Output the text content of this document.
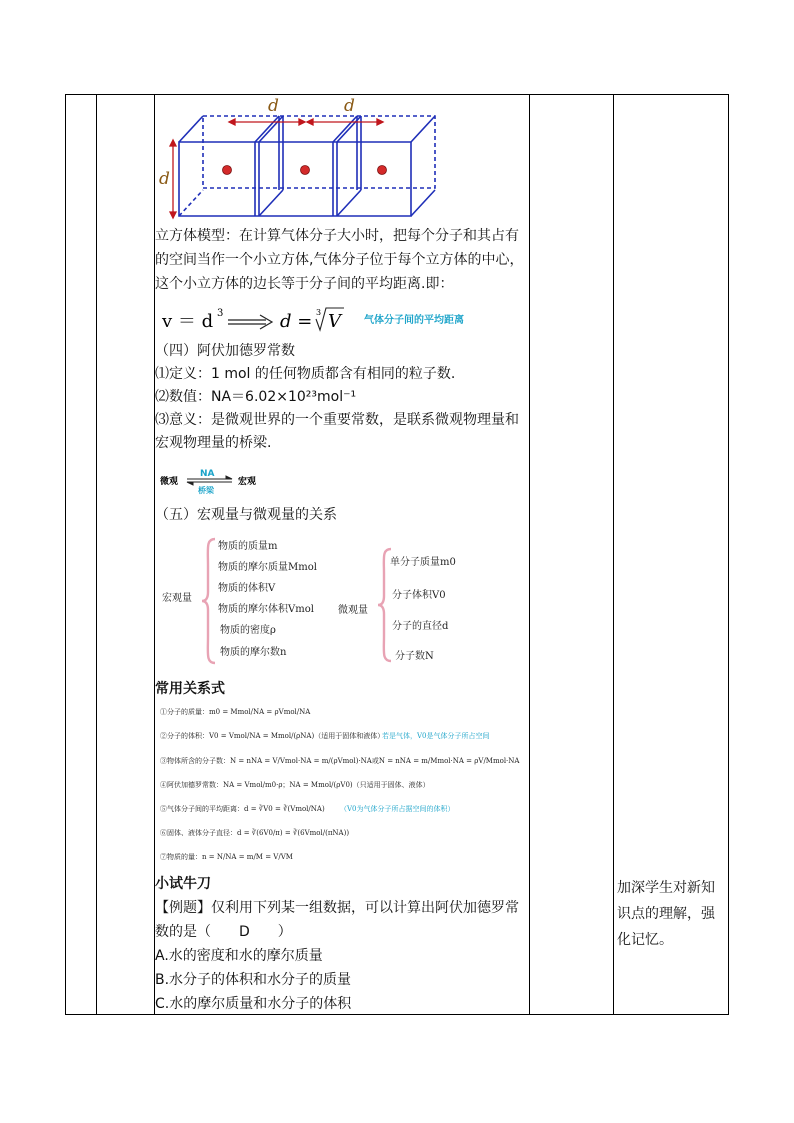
d	d
d

立方体模型：在计算气体分子大小时，把每个分子和其占有的空间当作一个小立方体,气体分子位于每个立方体的中心，这个小立方体的边长等于分子间的平均距离.即：

v ＝ d 3	d = 3 V 气体分子间的平均距离

（四）阿伏加德罗常数

⑴定义：1 mol 的任何物质都含有相同的粒子数.

⑵数值：NA＝6.02×10²³mol⁻¹

⑶意义：是微观世界的一个重要常数，是联系微观物理量和宏观物理量的桥梁.

微观
NA
桥梁
宏观

（五）宏观量与微观量的关系

宏观量
物质的质量m
物质的摩尔质量Mmol
物质的体积V
物质的摩尔体积Vmol
物质的密度ρ
物质的摩尔数n
微观量
单分子质量m0
分子体积V0
分子的直径d
分子数N

常用关系式

①分子的质量：m0 = Mmol/NA = ρVmol/NA
②分子的体积：V0 = Vmol/NA = Mmol/(ρNA)（适用于固体和液体）
若是气体，V0是气体分子所占空间
③物体所含的分子数：N = nNA = V/Vmol·NA = m/(ρVmol)·NA或N = nNA = m/Mmol·NA = ρV/Mmol·NA
④阿伏加德罗常数：NA = Vmol/m0·ρ；NA = Mmol/(ρV0)（只适用于固体、液体）
⑤气体分子间的平均距离：d = ∛V0 = ∛(Vmol/NA) （V0为气体分子所占据空间的体积）
⑥固体、液体分子直径：d = ∛(6V0/π) = ∛(6Vmol/(πNA))
⑦物质的量：n = N/NA = m/M = V/VM

小试牛刀

【例题】仅利用下列某一组数据，可以计算出阿伏加德罗常数的是（　　D　　）

A.水的密度和水的摩尔质量

B.水分子的体积和水分子的质量

C.水的摩尔质量和水分子的体积

加深学生对新知识点的理解，强化记忆。
